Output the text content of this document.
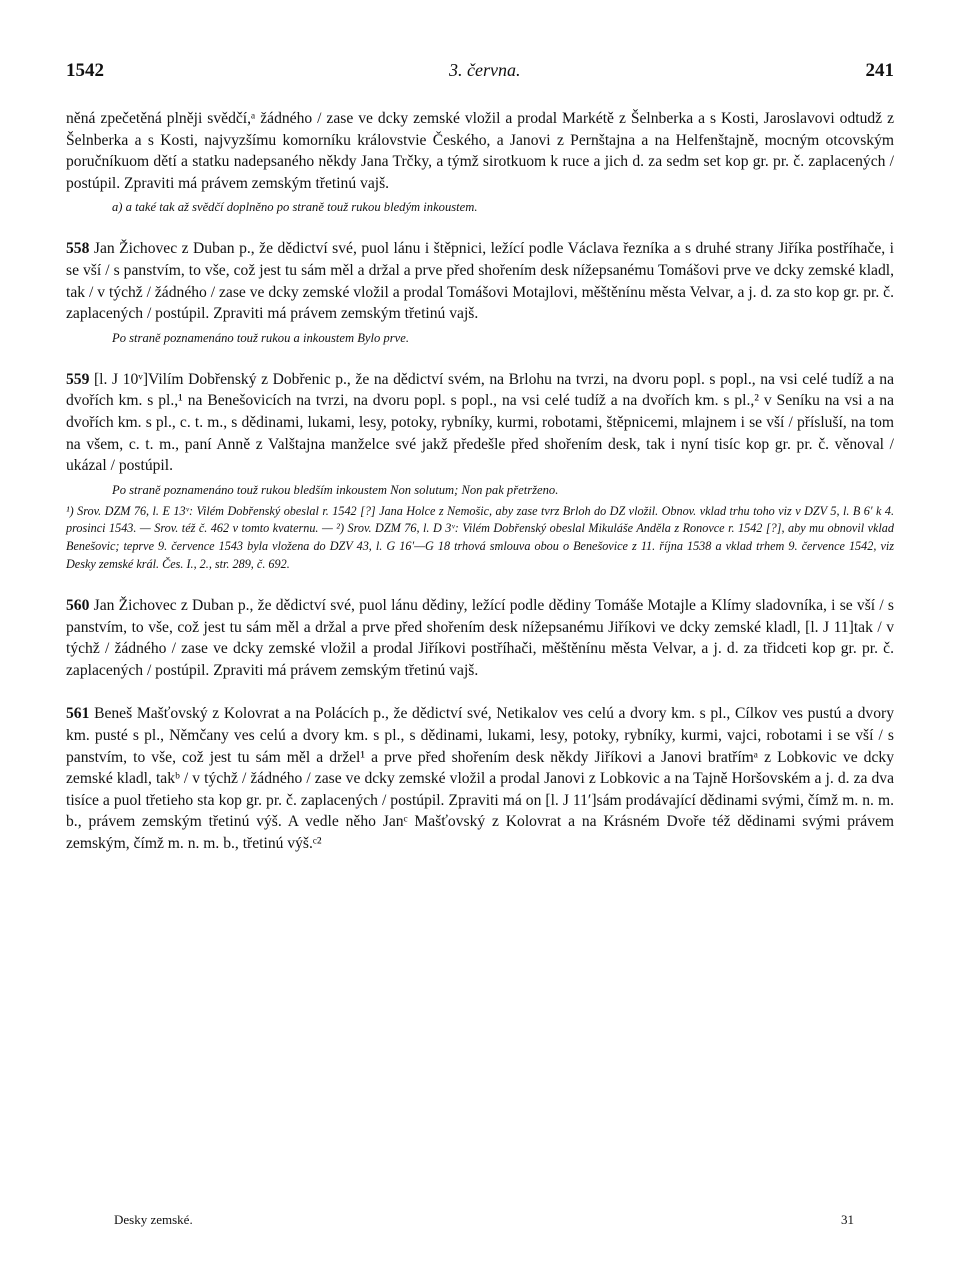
1542	3. června.	241

něná zpečetěná plněji svědčí,ᵃ žádného / zase ve dcky zemské vložil a prodal Markétě z Šelnberka a s Kosti, Jaroslavovi odtudž z Šelnberka a s Kosti, najvyzšímu komorníku královstvie Českého, a Janovi z Pernštajna a na Helfenštajně, mocným otcovským poručníkuom dětí a statku nadepsaného někdy Jana Trčky, a týmž sirotkuom k ruce a jich d. za sedm set kop gr. pr. č. zaplacených / postúpil. Zpraviti má právem zemským třetinú vajš.

a) a také tak až svědčí doplněno po straně touž rukou bledým inkoustem.

558 Jan Žichovec z Duban p., že dědictví své, puol lánu i štěpnici, ležící podle Václava řezníka a s druhé strany Jiříka postříhače, i se vší / s panstvím, to vše, což jest tu sám měl a držal a prve před shořením desk nížepsanému Tomášovi prve ve dcky zemské kladl, tak / v týchž / žádného / zase ve dcky zemské vložil a prodal Tomášovi Motajlovi, měštěnínu města Velvar, a j. d. za sto kop gr. pr. č. zaplacených / postúpil. Zpraviti má právem zemským třetinú vajš.

Po straně poznamenáno touž rukou a inkoustem Bylo prve.

559 [l. J 10ᵛ]Vilím Dobřenský z Dobřenic p., že na dědictví svém, na Brlohu na tvrzi, na dvoru popl. s popl., na vsi celé tudíž a na dvořích km. s pl.,¹ na Benešovicích na tvrzi, na dvoru popl. s popl., na vsi celé tudíž a na dvořích km. s pl.,² v Seníku na vsi a na dvořích km. s pl., c. t. m., s dědinami, lukami, lesy, potoky, rybníky, kurmi, robotami, štěpnicemi, mlajnem i se vší / přísluší, na tom na všem, c. t. m., paní Anně z Valštajna manželce své jakž předešle před shořením desk, tak i nyní tisíc kop gr. pr. č. věnoval / ukázal / postúpil.

Po straně poznamenáno touž rukou bledším inkoustem Non solutum; Non pak přetrženo.

¹) Srov. DZM 76, l. E 13ᵛ: Vilém Dobřenský obeslal r. 1542 [?] Jana Holce z Nemošic, aby zase tvrz Brloh do DZ vložil. Obnov. vklad trhu toho viz v DZV 5, l. B 6′ k 4. prosinci 1543. — Srov. též č. 462 v tomto kvaternu. — ²) Srov. DZM 76, l. D 3ᵛ: Vilém Dobřenský obeslal Mikuláše Anděla z Ronovce r. 1542 [?], aby mu obnovil vklad Benešovic; teprve 9. července 1543 byla vložena do DZV 43, l. G 16′—G 18 trhová smlouva obou o Benešovice z 11. října 1538 a vklad trhem 9. července 1542, viz Desky zemské král. Čes. I., 2., str. 289, č. 692.

560 Jan Žichovec z Duban p., že dědictví své, puol lánu dědiny, ležící podle dědiny Tomáše Motajle a Klímy sladovníka, i se vší / s panstvím, to vše, což jest tu sám měl a držal a prve před shořením desk nížepsanému Jiříkovi ve dcky zemské kladl, [l. J 11]tak / v týchž / žádného / zase ve dcky zemské vložil a prodal Jiříkovi postříhači, měštěnínu města Velvar, a j. d. za třidceti kop gr. pr. č. zaplacených / postúpil. Zpraviti má právem zemským třetinú vajš.

561 Beneš Mašťovský z Kolovrat a na Polácích p., že dědictví své, Netikalov ves celú a dvory km. s pl., Cílkov ves pustú a dvory km. pusté s pl., Němčany ves celú a dvory km. s pl., s dědinami, lukami, lesy, potoky, rybníky, kurmi, vajci, robotami i se vší / s panstvím, to vše, což jest tu sám měl a držel¹ a prve před shořením desk někdy Jiříkovi a Janovi bratřímᵃ z Lobkovic ve dcky zemské kladl, takᵇ / v týchž / žádného / zase ve dcky zemské vložil a prodal Janovi z Lobkovic a na Tajně Horšovském a j. d. za dva tisíce a puol třetieho sta kop gr. pr. č. zaplacených / postúpil. Zpraviti má on [l. J 11′]sám prodávající dědinami svými, čímž m. n. m. b., právem zemským třetinú výš. A vedle něho Janᶜ Mašťovský z Kolovrat a na Krásném Dvoře též dědinami svými právem zemským, čímž m. n. m. b., třetinú výš.ᶜ²

Desky zemské.	31
